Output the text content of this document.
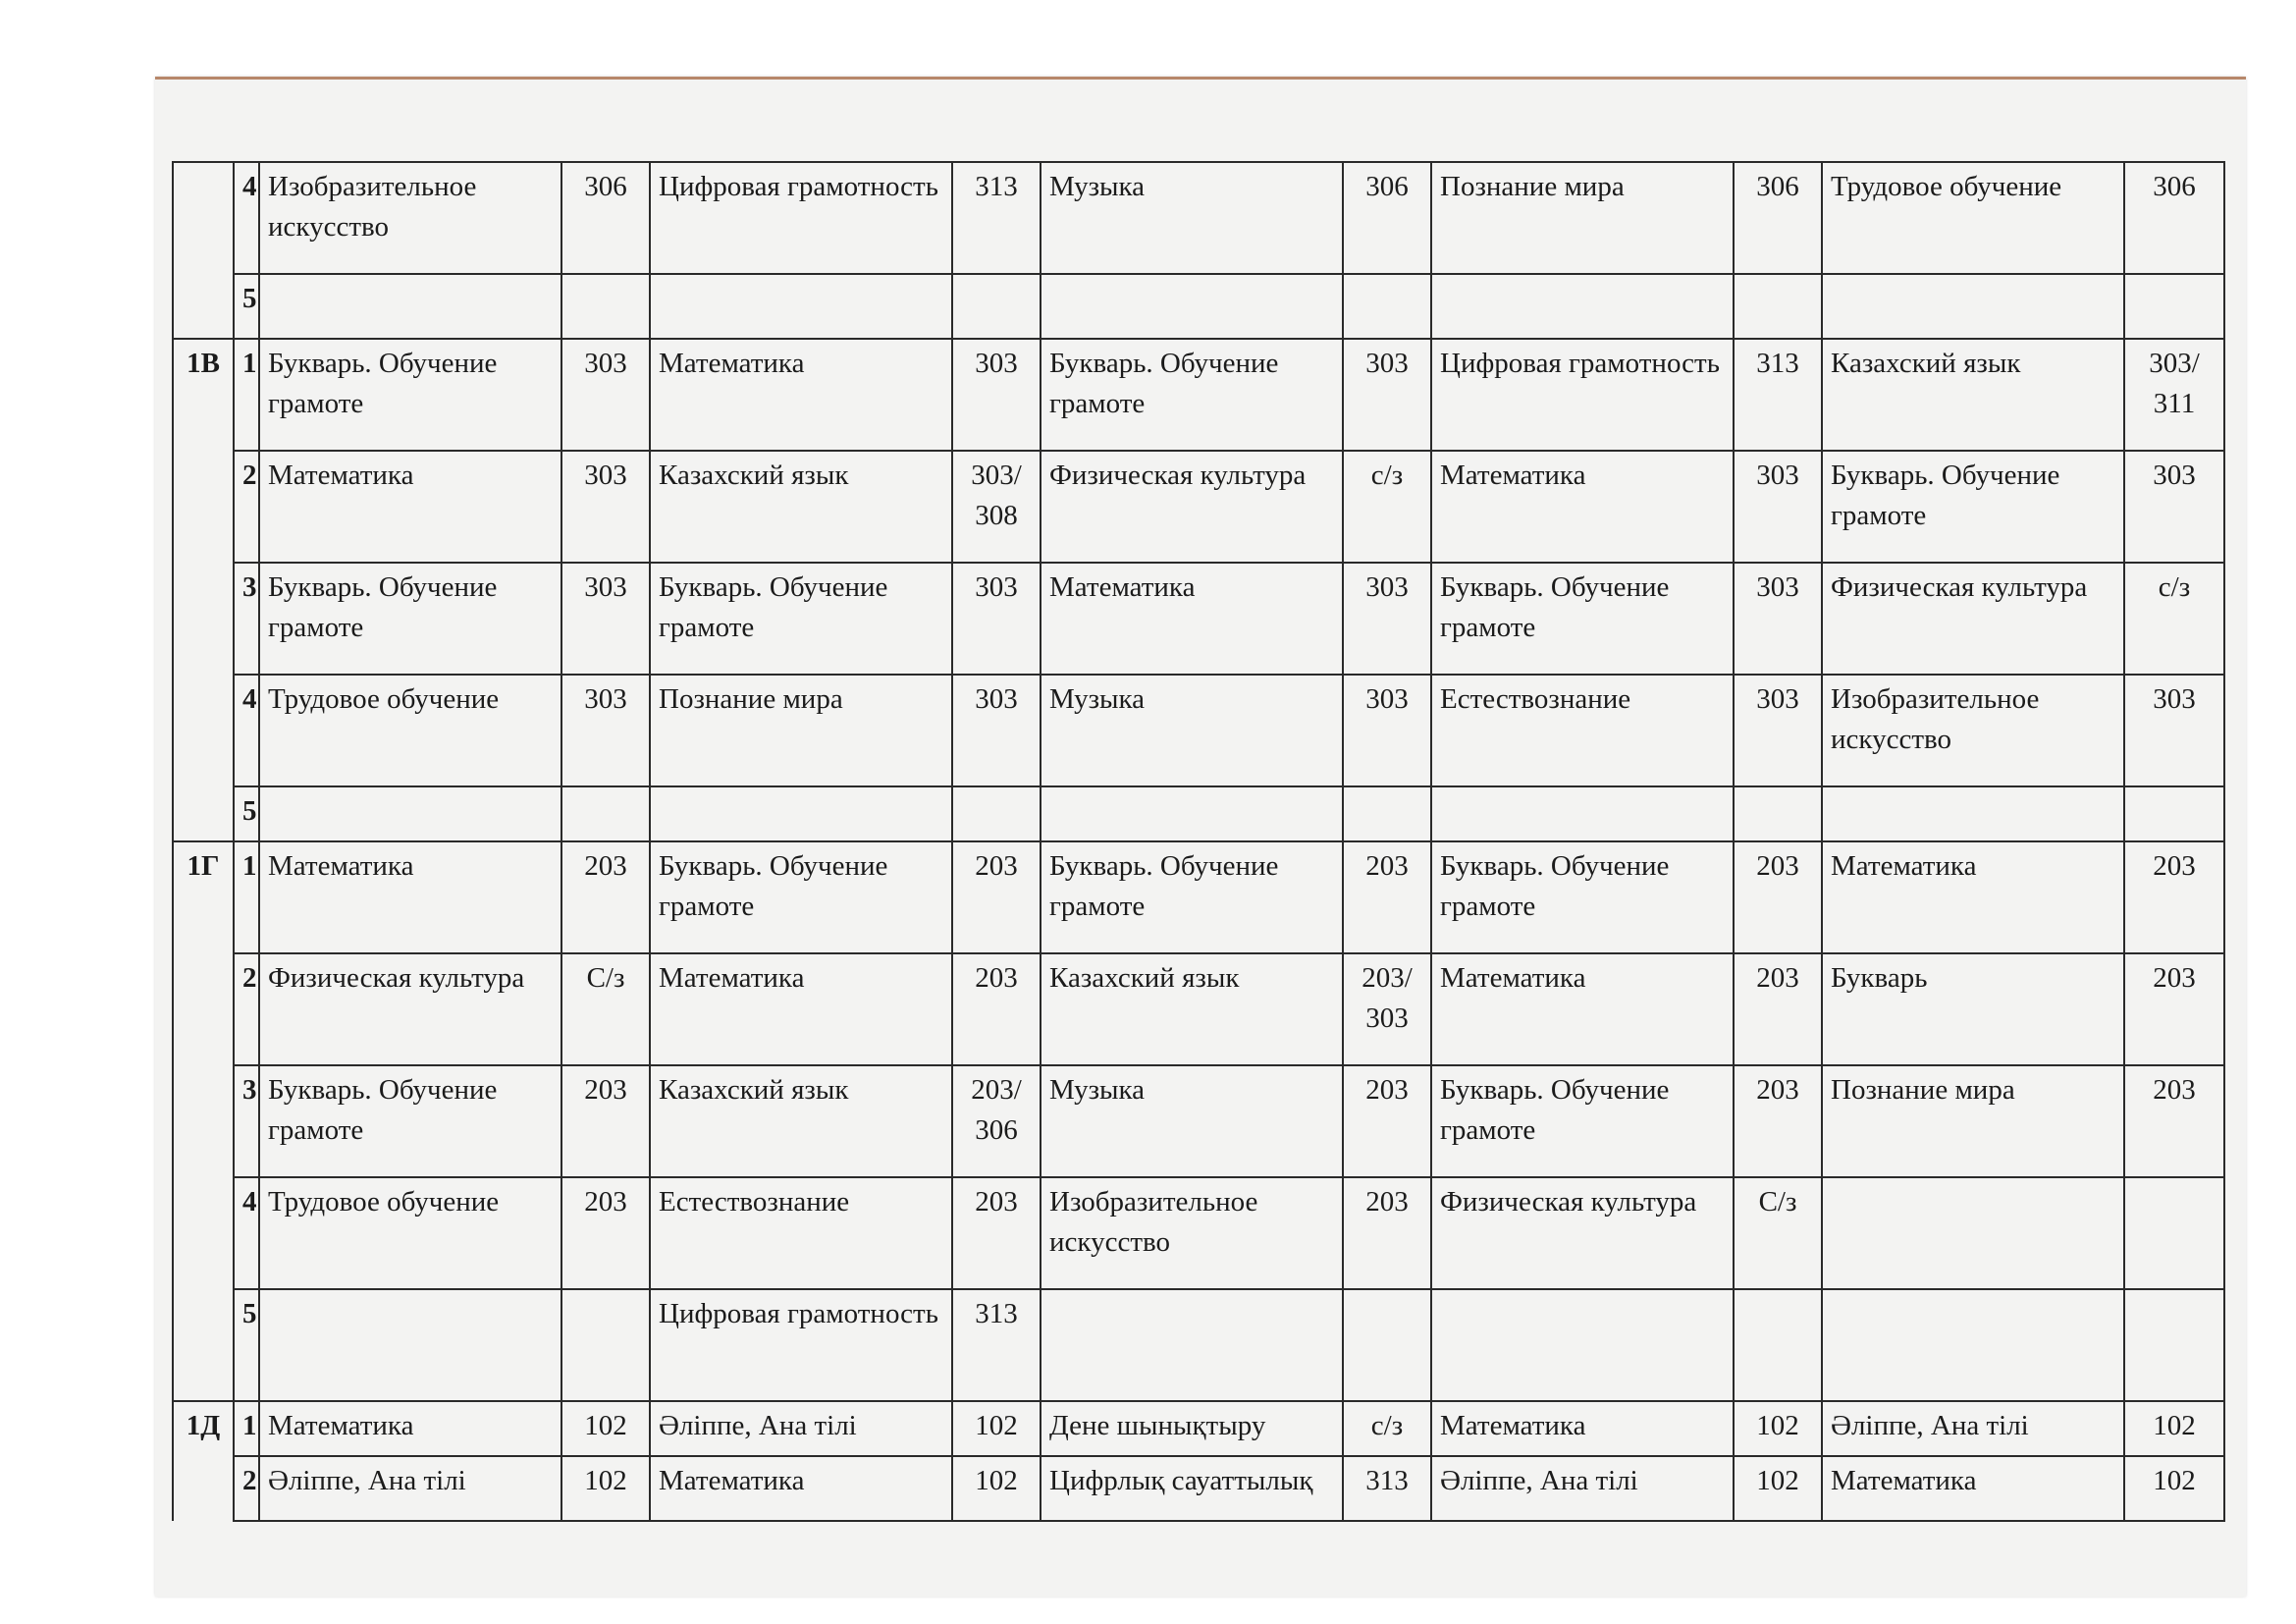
	4	Изобразительное искусство	306	Цифровая грамотность	313	Музыка	306	Познание мира	306	Трудовое обучение	306
	5										
1В	1	Букварь. Обучение грамоте	303	Математика	303	Букварь. Обучение грамоте	303	Цифровая грамотность	313	Казахский язык	303/ 311
	2	Математика	303	Казахский язык	303/ 308	Физическая культура	с/з	Математика	303	Букварь. Обучение грамоте	303
	3	Букварь. Обучение грамоте	303	Букварь. Обучение грамоте	303	Математика	303	Букварь. Обучение грамоте	303	Физическая культура	с/з
	4	Трудовое обучение	303	Познание мира	303	Музыка	303	Естествознание	303	Изобразительное искусство	303
	5										
1Г	1	Математика	203	Букварь. Обучение грамоте	203	Букварь. Обучение грамоте	203	Букварь. Обучение грамоте	203	Математика	203
	2	Физическая культура	С/з	Математика	203	Казахский язык	203/ 303	Математика	203	Букварь	203
	3	Букварь. Обучение грамоте	203	Казахский язык	203/ 306	Музыка	203	Букварь. Обучение грамоте	203	Познание мира	203
	4	Трудовое обучение	203	Естествознание	203	Изобразительное искусство	203	Физическая культура	С/з		
	5			Цифровая грамотность	313						
1Д	1	Математика	102	Әліппе, Ана тілі	102	Дене шынықтыру	с/з	Математика	102	Әліппе, Ана тілі	102
	2	Әліппе, Ана тілі	102	Математика	102	Цифрлық сауаттылық	313	Әліппе, Ана тілі	102	Математика	102
